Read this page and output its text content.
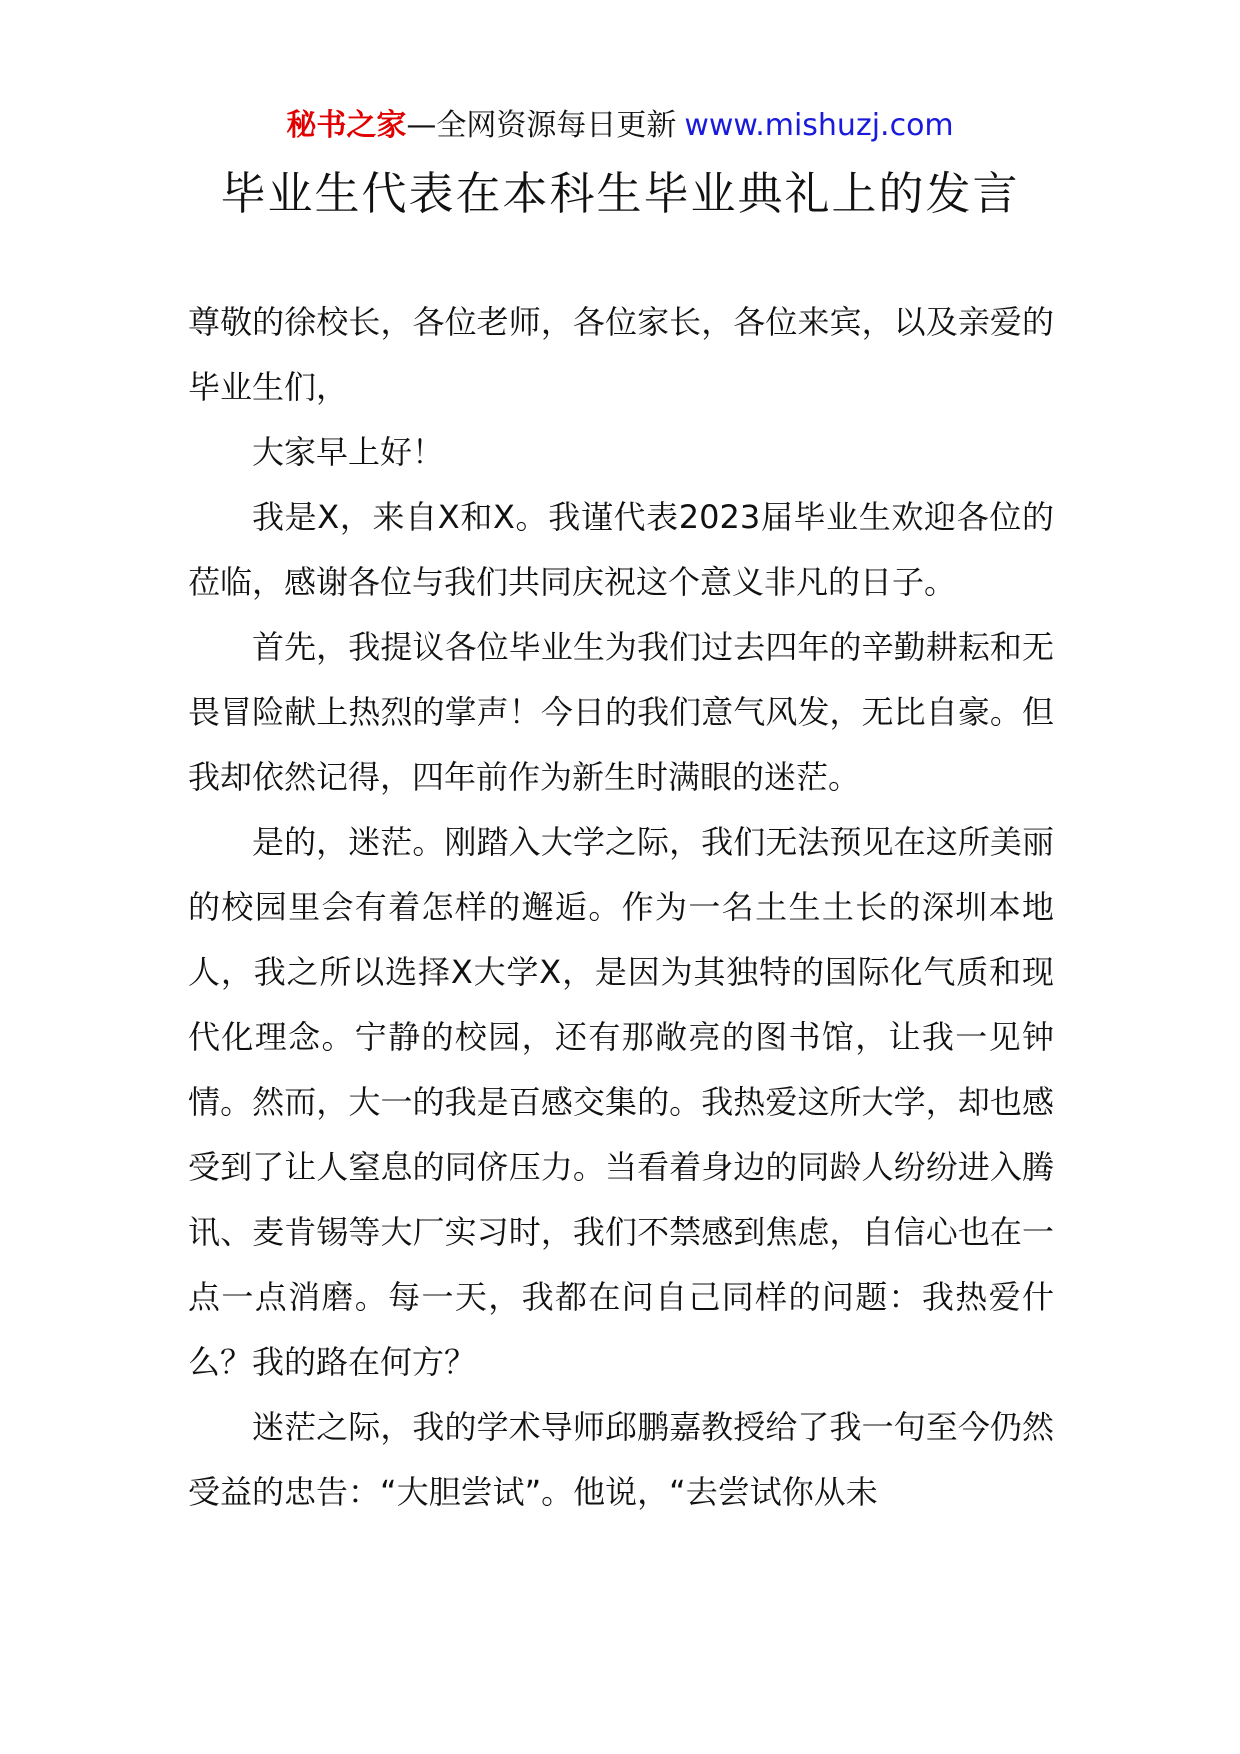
秘书之家—全网资源每日更新 www.mishuzj.com
毕业生代表在本科生毕业典礼上的发言

尊敬的徐校长，各位老师，各位家长，各位来宾，以及亲爱的毕业生们，

大家早上好！

我是X，来自X和X。我谨代表2023届毕业生欢迎各位的莅临，感谢各位与我们共同庆祝这个意义非凡的日子。

首先，我提议各位毕业生为我们过去四年的辛勤耕耘和无畏冒险献上热烈的掌声！今日的我们意气风发，无比自豪。但我却依然记得，四年前作为新生时满眼的迷茫。

是的，迷茫。刚踏入大学之际，我们无法预见在这所美丽的校园里会有着怎样的邂逅。作为一名土生土长的深圳本地人，我之所以选择X大学X，是因为其独特的国际化气质和现代化理念。宁静的校园，还有那敞亮的图书馆，让我一见钟情。然而，大一的我是百感交集的。我热爱这所大学，却也感受到了让人窒息的同侪压力。当看着身边的同龄人纷纷进入腾讯、麦肯锡等大厂实习时，我们不禁感到焦虑，自信心也在一点一点消磨。每一天，我都在问自己同样的问题：我热爱什么？我的路在何方？

迷茫之际，我的学术导师邱鹏嘉教授给了我一句至今仍然受益的忠告：“大胆尝试”。他说，“去尝试你从未
